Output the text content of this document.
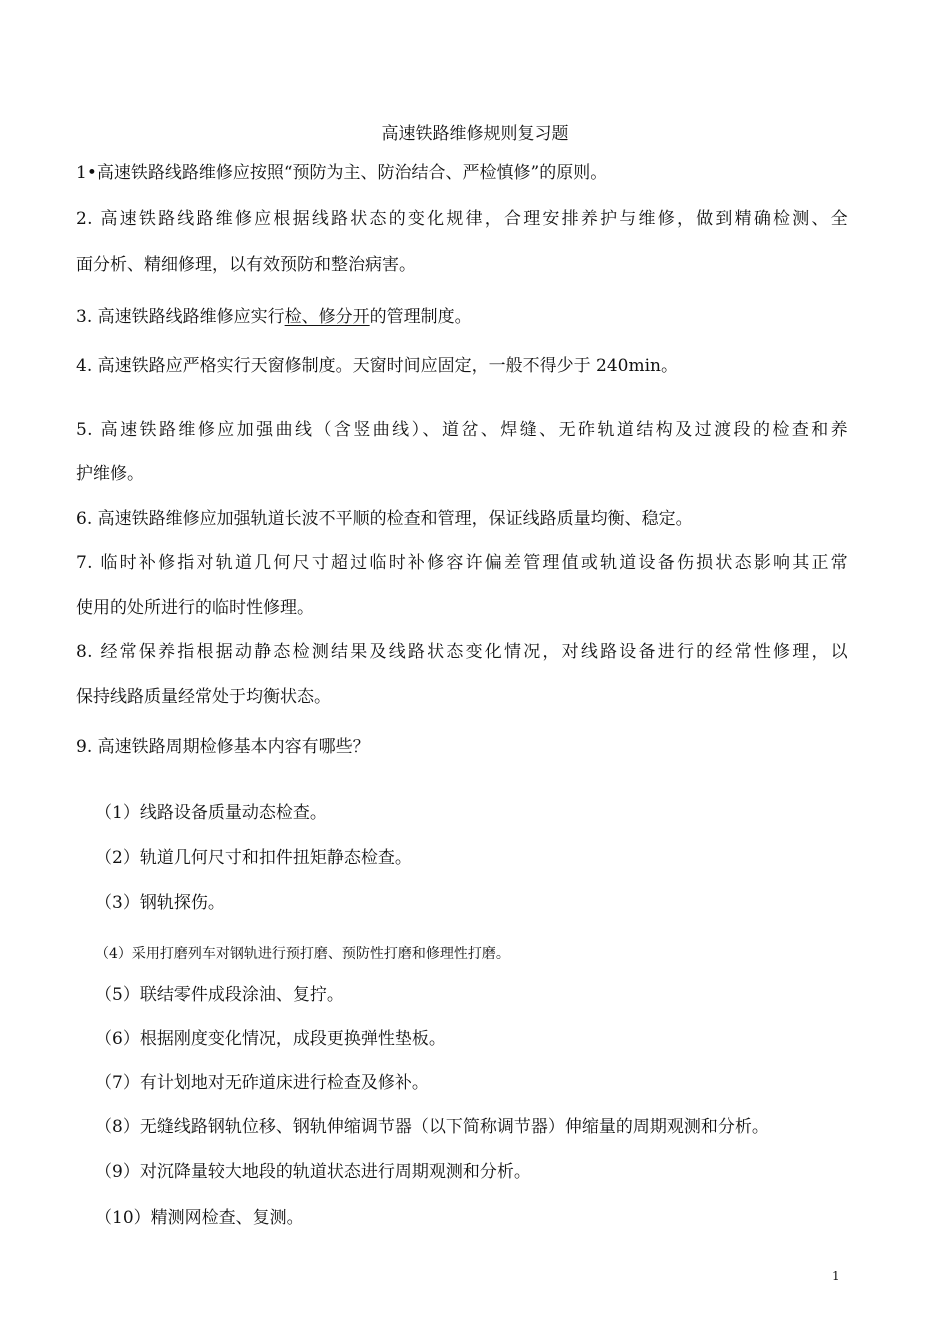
高速铁路维修规则复习题
1•高速铁路线路维修应按照“预防为主、防治结合、严检慎修”的原则。
2. 高速铁路线路维修应根据线路状态的变化规律，合理安排养护与维修，做到精确检测、全
面分析、精细修理，以有效预防和整治病害。
3. 高速铁路线路维修应实行检、修分开的管理制度。
4. 高速铁路应严格实行天窗修制度。天窗时间应固定，一般不得少于 240min。
5. 高速铁路维修应加强曲线（含竖曲线）、道岔、焊缝、无砟轨道结构及过渡段的检查和养
护维修。
6. 高速铁路维修应加强轨道长波不平顺的检查和管理，保证线路质量均衡、稳定。
7. 临时补修指对轨道几何尺寸超过临时补修容许偏差管理值或轨道设备伤损状态影响其正常
使用的处所进行的临时性修理。
8. 经常保养指根据动静态检测结果及线路状态变化情况，对线路设备进行的经常性修理，以
保持线路质量经常处于均衡状态。
9. 高速铁路周期检修基本内容有哪些？
（1）线路设备质量动态检查。
（2）轨道几何尺寸和扣件扭矩静态检查。
（3）钢轨探伤。
（4）采用打磨列车对钢轨进行预打磨、预防性打磨和修理性打磨。
（5）联结零件成段涂油、复拧。
（6）根据刚度变化情况，成段更换弹性垫板。
（7）有计划地对无砟道床进行检查及修补。
（8）无缝线路钢轨位移、钢轨伸缩调节器（以下简称调节器）伸缩量的周期观测和分析。
（9）对沉降量较大地段的轨道状态进行周期观测和分析。
（10）精测网检查、复测。
1
